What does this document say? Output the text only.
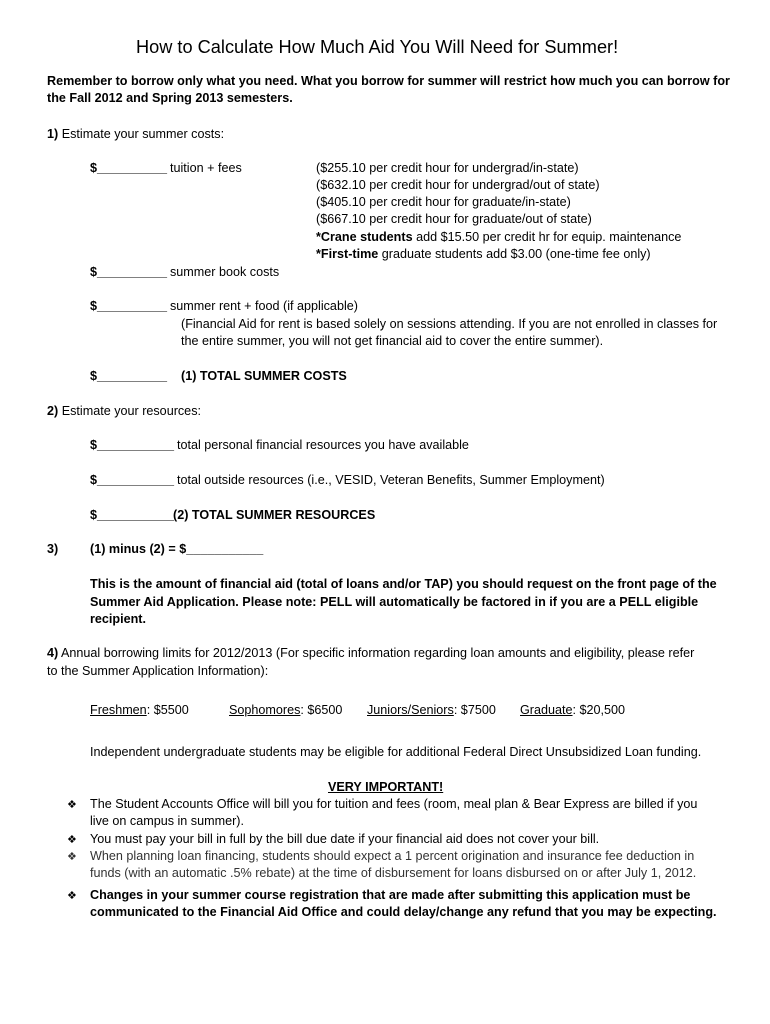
How to Calculate How Much Aid You Will Need for Summer!
Remember to borrow only what you need. What you borrow for summer will restrict how much you can borrow for the Fall 2012 and Spring 2013 semesters.
1) Estimate your summer costs:
$__________ tuition + fees	($255.10 per credit hour for undergrad/in-state)
($632.10 per credit hour for undergrad/out of state)
($405.10 per credit hour for graduate/in-state)
($667.10 per credit hour for graduate/out of state)
*Crane students add $15.50 per credit hr for equip. maintenance
*First-time graduate students add $3.00 (one-time fee only)
$__________ summer book costs
$__________ summer rent + food (if applicable)
(Financial Aid for rent is based solely on sessions attending. If you are not enrolled in classes for
the entire summer, you will not get financial aid to cover the entire summer).
$__________ (1) TOTAL SUMMER COSTS
2) Estimate your resources:
$___________ total personal financial resources you have available
$___________ total outside resources (i.e., VESID, Veteran Benefits, Summer Employment)
$___________
(2) TOTAL SUMMER RESOURCES
3)	(1) minus (2) = $___________
This is the amount of financial aid (total of loans and/or TAP) you should request on the front page of the
Summer Aid Application. Please note: PELL will automatically be factored in if you are a PELL eligible
recipient.
4) Annual borrowing limits for 2012/2013 (For specific information regarding loan amounts and eligibility, please refer
to the Summer Application Information):
Freshmen: $5500	Sophomores: $6500 Juniors/Seniors: $7500 Graduate: $20,500
Independent undergraduate students may be eligible for additional Federal Direct Unsubsidized Loan funding.
VERY IMPORTANT!
❖ The Student Accounts Office will bill you for tuition and fees (room, meal plan & Bear Express are billed if you
live on campus in summer).
❖ You must pay your bill in full by the bill due date if your financial aid does not cover your bill.
❖ When planning loan financing, students should expect a 1 percent origination and insurance fee deduction in
funds (with an automatic .5% rebate) at the time of disbursement for loans disbursed on or after July 1, 2012.
❖ Changes in your summer course registration that are made after submitting this application must be
communicated to the Financial Aid Office and could delay/change any refund that you may be expecting.
